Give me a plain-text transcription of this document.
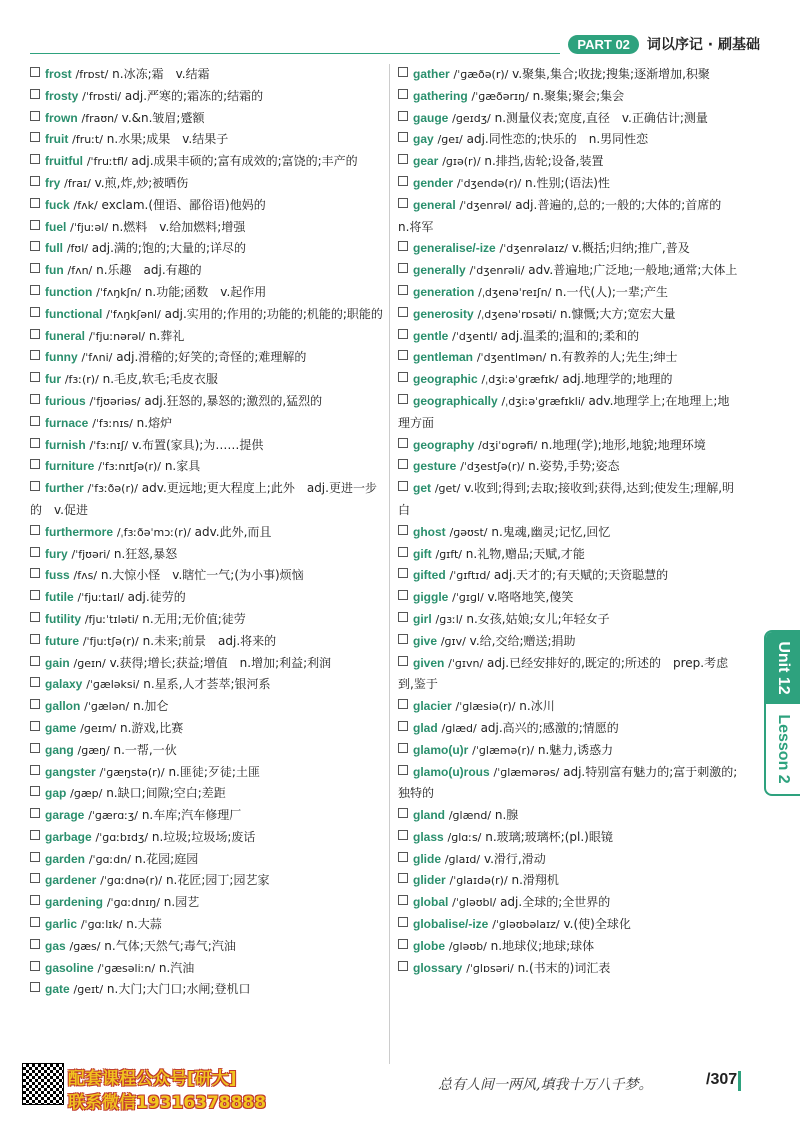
PART 02	词以序记 · 刷基础

frost /frɒst/ n.冰冻;霜　v.结霜

frosty /ˈfrɒsti/ adj.严寒的;霜冻的;结霜的

frown /fraʊn/ v.&n.皱眉;蹙额

fruit /fruːt/ n.水果;成果　v.结果子

fruitful /ˈfruːtfl/ adj.成果丰硕的;富有成效的;富饶的;丰产的

fry /fraɪ/ v.煎,炸,炒;被晒伤

fuck /fʌk/ exclam.(俚语、鄙俗语)他妈的

fuel /ˈfjuːəl/ n.燃料　v.给加燃料;增强

full /fʊl/ adj.满的;饱的;大量的;详尽的

fun /fʌn/ n.乐趣　adj.有趣的

function /ˈfʌŋkʃn/ n.功能;函数　v.起作用

functional /ˈfʌŋkʃənl/ adj.实用的;作用的;功能的;机能的;职能的

funeral /ˈfjuːnərəl/ n.葬礼

funny /ˈfʌni/ adj.滑稽的;好笑的;奇怪的;难理解的

fur /fɜː(r)/ n.毛皮,软毛;毛皮衣服

furious /ˈfjʊəriəs/ adj.狂怒的,暴怒的;激烈的,猛烈的

furnace /ˈfɜːnɪs/ n.熔炉

furnish /ˈfɜːnɪʃ/ v.布置(家具);为……提供

furniture /ˈfɜːnɪtʃə(r)/ n.家具

further /ˈfɜːðə(r)/ adv.更远地;更大程度上;此外　adj.更进一步的　v.促进

furthermore /ˌfɜːðəˈmɔː(r)/ adv.此外,而且

fury /ˈfjʊəri/ n.狂怒,暴怒

fuss /fʌs/ n.大惊小怪　v.瞎忙一气;(为小事)烦恼

futile /ˈfjuːtaɪl/ adj.徒劳的

futility /fjuːˈtɪləti/ n.无用;无价值;徒劳

future /ˈfjuːtʃə(r)/ n.未来;前景　adj.将来的

gain /ɡeɪn/ v.获得;增长;获益;增值　n.增加;利益;利润

galaxy /ˈɡæləksi/ n.星系,人才荟萃;银河系

gallon /ˈɡælən/ n.加仑

game /ɡeɪm/ n.游戏,比赛

gang /ɡæŋ/ n.一帮,一伙

gangster /ˈɡæŋstə(r)/ n.匪徒;歹徒;土匪

gap /ɡæp/ n.缺口;间隙;空白;差距

garage /ˈɡærɑːʒ/ n.车库;汽车修理厂

garbage /ˈɡɑːbɪdʒ/ n.垃圾;垃圾场;废话

garden /ˈɡɑːdn/ n.花园;庭园

gardener /ˈɡɑːdnə(r)/ n.花匠;园丁;园艺家

gardening /ˈɡɑːdnɪŋ/ n.园艺

garlic /ˈɡɑːlɪk/ n.大蒜

gas /ɡæs/ n.气体;天然气;毒气;汽油

gasoline /ˈɡæsəliːn/ n.汽油

gate /ɡeɪt/ n.大门;大门口;水闸;登机口

gather /ˈɡæðə(r)/ v.聚集,集合;收拢;搜集;逐渐增加,积聚

gathering /ˈɡæðərɪŋ/ n.聚集;聚会;集会

gauge /ɡeɪdʒ/ n.测量仪表;宽度,直径　v.正确估计;测量

gay /ɡeɪ/ adj.同性恋的;快乐的　n.男同性恋

gear /ɡɪə(r)/ n.排挡,齿轮;设备,装置

gender /ˈdʒendə(r)/ n.性别;(语法)性

general /ˈdʒenrəl/ adj.普遍的,总的;一般的;大体的;首席的　n.将军

generalise/-ize /ˈdʒenrəlaɪz/ v.概括;归纳;推广,普及

generally /ˈdʒenrəli/ adv.普遍地;广泛地;一般地;通常;大体上

generation /ˌdʒenəˈreɪʃn/ n.一代(人);一辈;产生

generosity /ˌdʒenəˈrɒsəti/ n.慷慨;大方;宽宏大量

gentle /ˈdʒentl/ adj.温柔的;温和的;柔和的

gentleman /ˈdʒentlmən/ n.有教养的人;先生;绅士

geographic /ˌdʒiːəˈɡræfɪk/ adj.地理学的;地理的

geographically /ˌdʒiːəˈɡræfɪkli/ adv.地理学上;在地理上;地理方面

geography /dʒiˈɒɡrəfi/ n.地理(学);地形,地貌;地理环境

gesture /ˈdʒestʃə(r)/ n.姿势,手势;姿态

get /ɡet/ v.收到;得到;去取;接收到;获得,达到;使发生;理解,明白

ghost /ɡəʊst/ n.鬼魂,幽灵;记忆,回忆

gift /ɡɪft/ n.礼物,赠品;天赋,才能

gifted /ˈɡɪftɪd/ adj.天才的;有天赋的;天资聪慧的

giggle /ˈɡɪɡl/ v.咯咯地笑,傻笑

girl /ɡɜːl/ n.女孩,姑娘;女儿;年轻女子

give /ɡɪv/ v.给,交给;赠送;捐助

given /ˈɡɪvn/ adj.已经安排好的,既定的;所述的　prep.考虑到,鉴于

glacier /ˈɡlæsiə(r)/ n.冰川

glad /ɡlæd/ adj.高兴的;感激的;情愿的

glamo(u)r /ˈɡlæmə(r)/ n.魅力,诱惑力

glamo(u)rous /ˈɡlæmərəs/ adj.特别富有魅力的;富于刺激的;独特的

gland /ɡlænd/ n.腺

glass /ɡlɑːs/ n.玻璃;玻璃杯;(pl.)眼镜

glide /ɡlaɪd/ v.滑行,滑动

glider /ˈɡlaɪdə(r)/ n.滑翔机

global /ˈɡləʊbl/ adj.全球的;全世界的

globalise/-ize /ˈɡləʊbəlaɪz/ v.(使)全球化

globe /ɡləʊb/ n.地球仪;地球;球体

glossary /ˈɡlɒsəri/ n.(书末的)词汇表

Unit 12
Lesson 2
配套课程公众号[研大]
联系微信19316378888
总有人间一两风,填我十万八千梦。	/307
